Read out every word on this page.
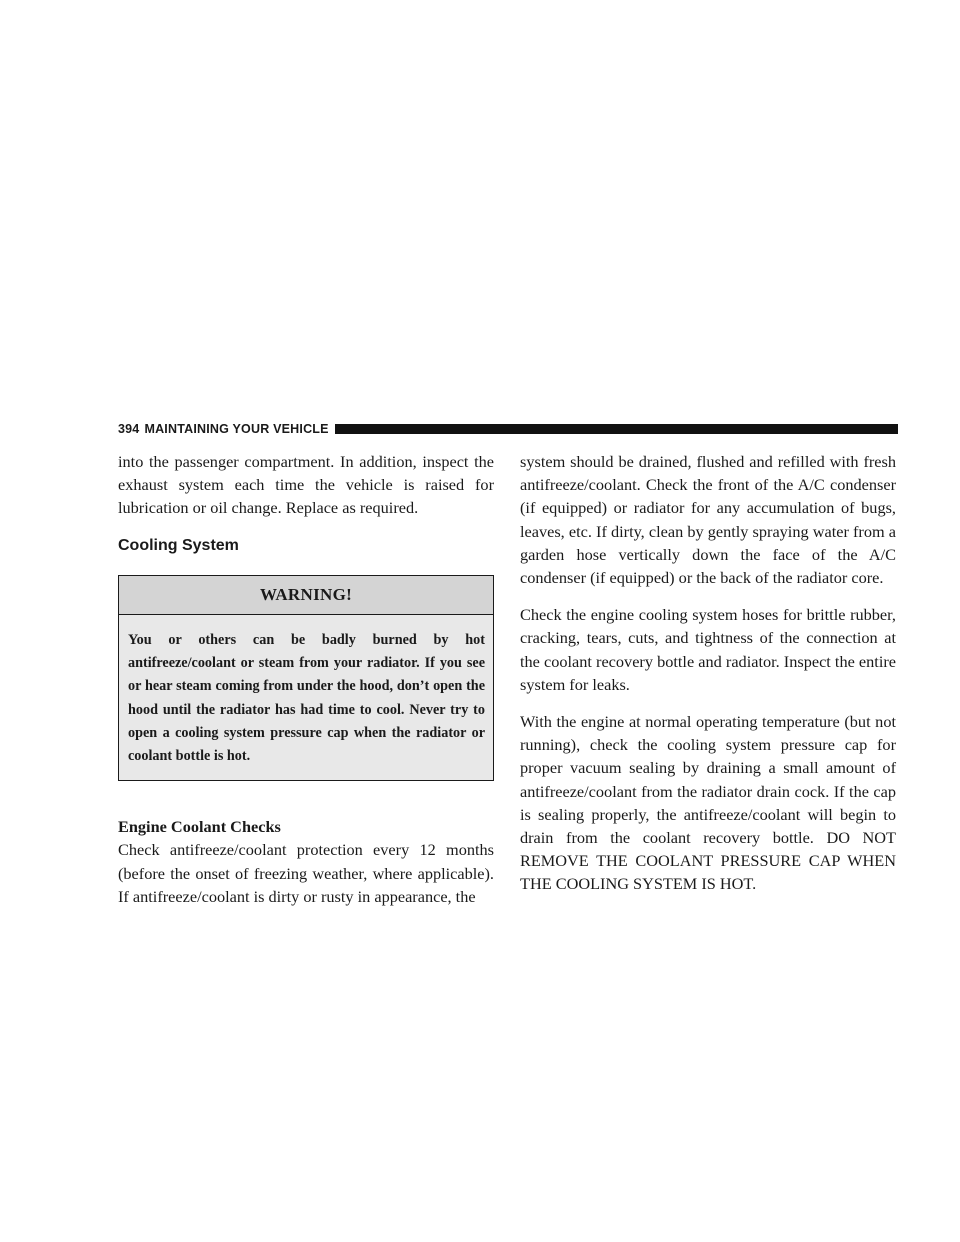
394 MAINTAINING YOUR VEHICLE

into the passenger compartment. In addition, inspect the exhaust system each time the vehicle is raised for lubrication or oil change. Replace as required.

Cooling System
WARNING!
You or others can be badly burned by hot antifreeze/coolant or steam from your radiator. If you see or hear steam coming from under the hood, don’t open the hood until the radiator has had time to cool. Never try to open a cooling system pressure cap when the radiator or coolant bottle is hot.
Engine Coolant Checks

Check antifreeze/coolant protection every 12 months (before the onset of freezing weather, where applicable). If antifreeze/coolant is dirty or rusty in appearance, the

system should be drained, flushed and refilled with fresh antifreeze/coolant. Check the front of the A/C condenser (if equipped) or radiator for any accumulation of bugs, leaves, etc. If dirty, clean by gently spraying water from a garden hose vertically down the face of the A/C condenser (if equipped) or the back of the radiator core.

Check the engine cooling system hoses for brittle rubber, cracking, tears, cuts, and tightness of the connection at the coolant recovery bottle and radiator. Inspect the entire system for leaks.

With the engine at normal operating temperature (but not running), check the cooling system pressure cap for proper vacuum sealing by draining a small amount of antifreeze/coolant from the radiator drain cock. If the cap is sealing properly, the antifreeze/coolant will begin to drain from the coolant recovery bottle. DO NOT REMOVE THE COOLANT PRESSURE CAP WHEN THE COOLING SYSTEM IS HOT.
